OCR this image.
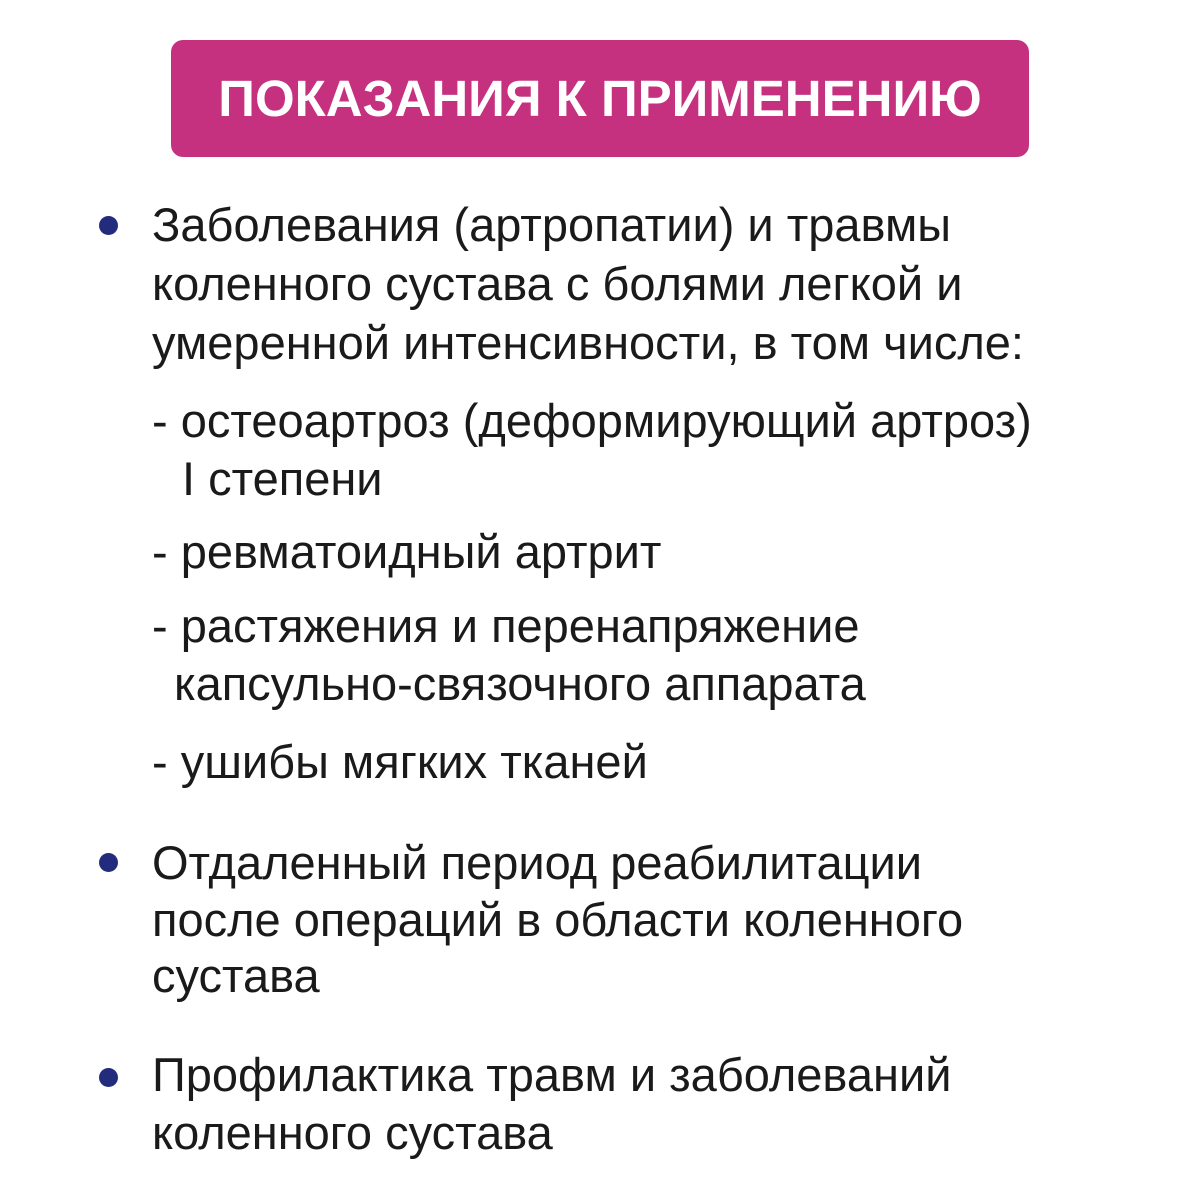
ПОКАЗАНИЯ К ПРИМЕНЕНИЮ
Заболевания (артропатии) и травмы
коленного сустава с болями легкой и
умеренной интенсивности, в том числе:
- остеоартроз (деформирующий артроз)
I степени
- ревматоидный артрит
- растяжения и перенапряжение
капсульно-связочного аппарата
- ушибы мягких тканей
Отдаленный период реабилитации
после операций в области коленного
сустава
Профилактика травм и заболеваний
коленного сустава
